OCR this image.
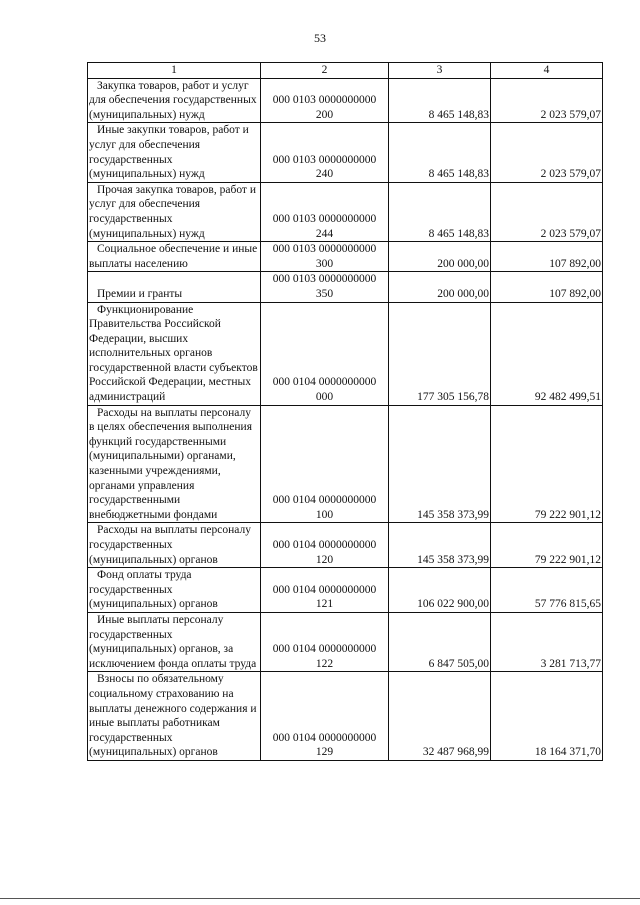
53
1	2	3	4

Закупка товаров, работ и услуг для обеспечения государственных (муниципальных) нужд	000 0103 0000000000
200	8 465 148,83	2 023 579,07

Иные закупки товаров, работ и услуг для обеспечения государственных (муниципальных) нужд	000 0103 0000000000
240	8 465 148,83	2 023 579,07

Прочая закупка товаров, работ и услуг для обеспечения государственных (муниципальных) нужд	000 0103 0000000000
244	8 465 148,83	2 023 579,07

Социальное обеспечение и иные выплаты населению	000 0103 0000000000
300	200 000,00	107 892,00

Премии и гранты	000 0103 0000000000
350	200 000,00	107 892,00

Функционирование Правительства Российской Федерации, высших исполнительных органов государственной власти субъектов Российской Федерации, местных администраций	000 0104 0000000000
000	177 305 156,78	92 482 499,51

Расходы на выплаты персоналу в целях обеспечения выполнения функций государственными (муниципальными) органами, казенными учреждениями, органами управления государственными внебюджетными фондами	000 0104 0000000000
100	145 358 373,99	79 222 901,12

Расходы на выплаты персоналу государственных (муниципальных) органов	000 0104 0000000000
120	145 358 373,99	79 222 901,12

Фонд оплаты труда государственных (муниципальных) органов	000 0104 0000000000
121	106 022 900,00	57 776 815,65

Иные выплаты персоналу государственных (муниципальных) органов, за исключением фонда оплаты труда	000 0104 0000000000
122	6 847 505,00	3 281 713,77

Взносы по обязательному социальному страхованию на выплаты денежного содержания и иные выплаты работникам государственных (муниципальных) органов	000 0104 0000000000
129	32 487 968,99	18 164 371,70
